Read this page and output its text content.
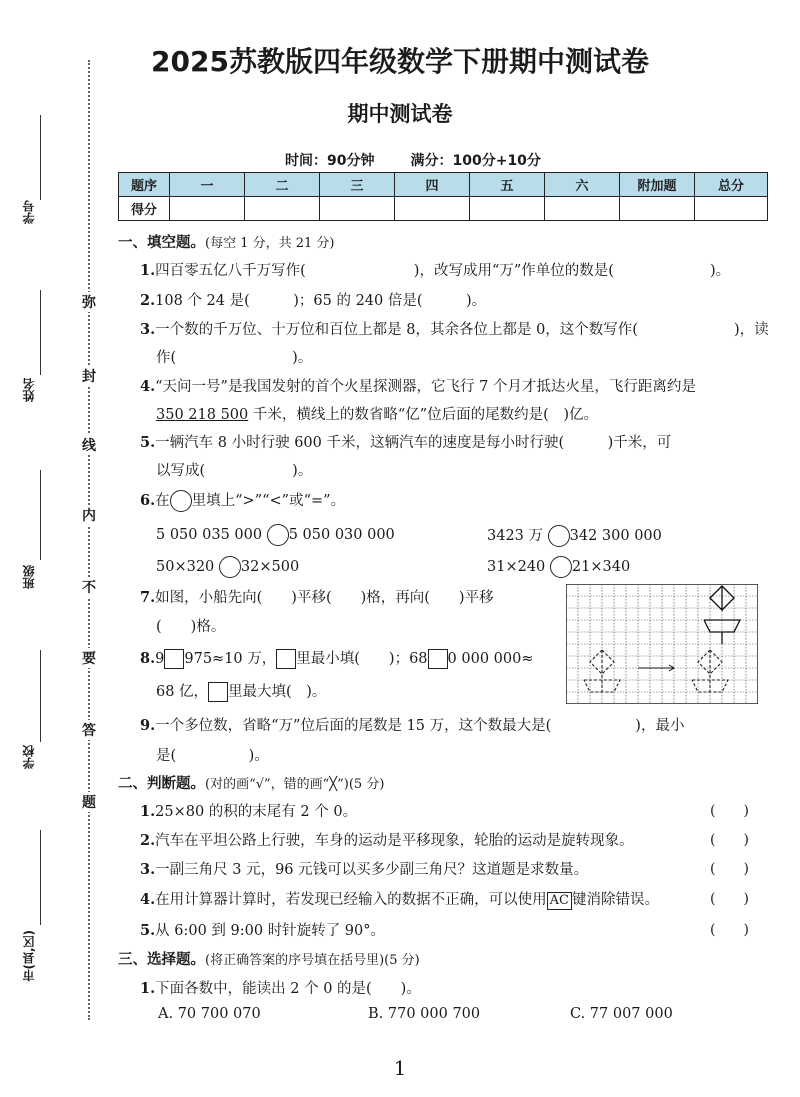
学号
姓名
班级
学校
市(县,区)
弥
封
线
内
不
要
答
题
2025苏教版四年级数学下册期中测试卷
期中测试卷
时间：90分钟	满分：100分+10分
题序	一	二	三	四	五	六	附加题	总分
得分								
一、填空题。(每空 1 分，共 21 分)
1.四百零五亿八千万写作(	)，改写成用“万”作单位的数是(	)。
2.108 个 24 是(　　　)；65 的 240 倍是(　　　)。
3.一个数的千万位、十万位和百位上都是 8，其余各位上都是 0，这个数写作(	)，读
作(　　　　　　　　)。
4.“天问一号”是我国发射的首个火星探测器，它飞行 7 个月才抵达火星，飞行距离约是
350 218 500 千米，横线上的数省略“亿”位后面的尾数约是(　)亿。
5.一辆汽车 8 小时行驶 600 千米，这辆汽车的速度是每小时行驶(　　　)千米，可
以写成(　　　　　　)。
6.在 里填上“>”“<”或“=”。
5 050 035 000 5 050 030 000	3423 万 342 300 000
50×320 32×500	31×240 21×340
7.如图，小船先向(　　)平移(　　)格，再向(　　)平移
(　　)格。
8.9 975≈10 万， 里最小填(　　)；68 0 000 000≈
68 亿， 里最大填(　)。
9.一个多位数，省略“万”位后面的尾数是 15 万，这个数最大是(	)，最小
是(　　　　　)。
二、判断题。(对的画“√”，错的画“╳”)(5 分)
1.25×80 的积的末尾有 2 个 0。	(　　)
2.汽车在平坦公路上行驶，车身的运动是平移现象，轮胎的运动是旋转现象。	(　　)
3.一副三角尺 3 元，96 元钱可以买多少副三角尺？这道题是求数量。	(　　)
4.在用计算器计算时，若发现已经输入的数据不正确，可以使用 AC 键消除错误。	(　　)
5.从 6:00 到 9:00 时针旋转了 90°。	(　　)
三、选择题。(将正确答案的序号填在括号里)(5 分)
1.下面各数中，能读出 2 个 0 的是(　　)。
A. 70 700 070	B. 770 000 700	C. 77 007 000
1
